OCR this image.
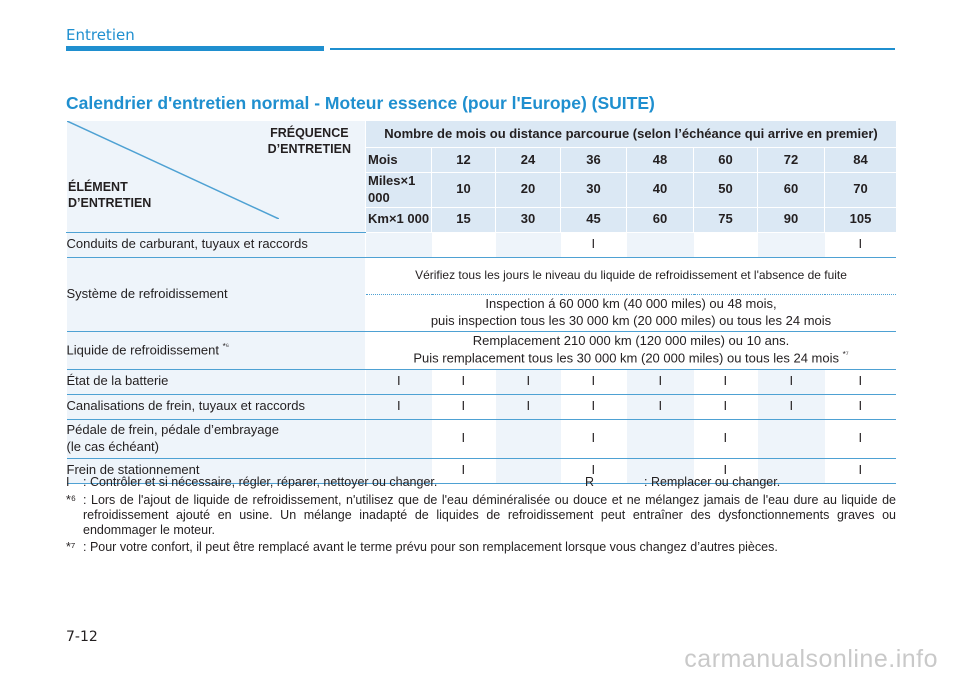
Entretien
Calendrier d'entretien normal - Moteur essence (pour l'Europe) (SUITE)
FRÉQUENCE
D’ENTRETIEN
ÉLÉMENT
D’ENTRETIEN	Nombre de mois ou distance parcourue (selon l’échéance qui arrive en premier)							
	Mois	12	24	36	48	60	72	84
	Miles×1 000	10	20	30	40	50	60	70
	Km×1 000	15	30	45	60	75	90	105
Conduits de carburant, tuyaux et raccords				I				I
Système de refroidissement	Vérifiez tous les jours le niveau du liquide de refroidissement et l'absence de fuite							

	Inspection á 60 000 km (40 000 miles) ou 48 mois,
puis inspection tous les 30 000 km (20 000 miles) ou tous les 24 mois							

Liquide de refroidissement $^{*^6}$	Remplacement 210 000 km (120 000 miles) ou 10 ans.
Puis remplacement tous les 30 000 km (20 000 miles) ou tous les 24 mois $^{*^7}$

État de la batterie	I	I	I	I	I	I	I	I
Canalisations de frein, tuyaux et raccords	I	I	I	I	I	I	I	I

Pédale de frein, pédale d’embrayage
(le cas échéant)		I		I		I		I
Frein de stationnement		I		I		I		I
I : Contrôler et si nécessaire, régler, réparer, nettoyer ou changer.	R	: Remplacer ou changer.
*⁶ : Lors de l'ajout de liquide de refroidissement, n'utilisez que de l'eau déminéralisée ou douce et ne mélangez jamais de l'eau dure au liquide de refroidissement ajouté en usine. Un mélange inadapté de liquides de refroidissement peut entraîner des dysfonctionnements graves ou endommager le moteur.
*⁷ : Pour votre confort, il peut être remplacé avant le terme prévu pour son remplacement lorsque vous changez d’autres pièces.
7-12
carmanualsonline.info
